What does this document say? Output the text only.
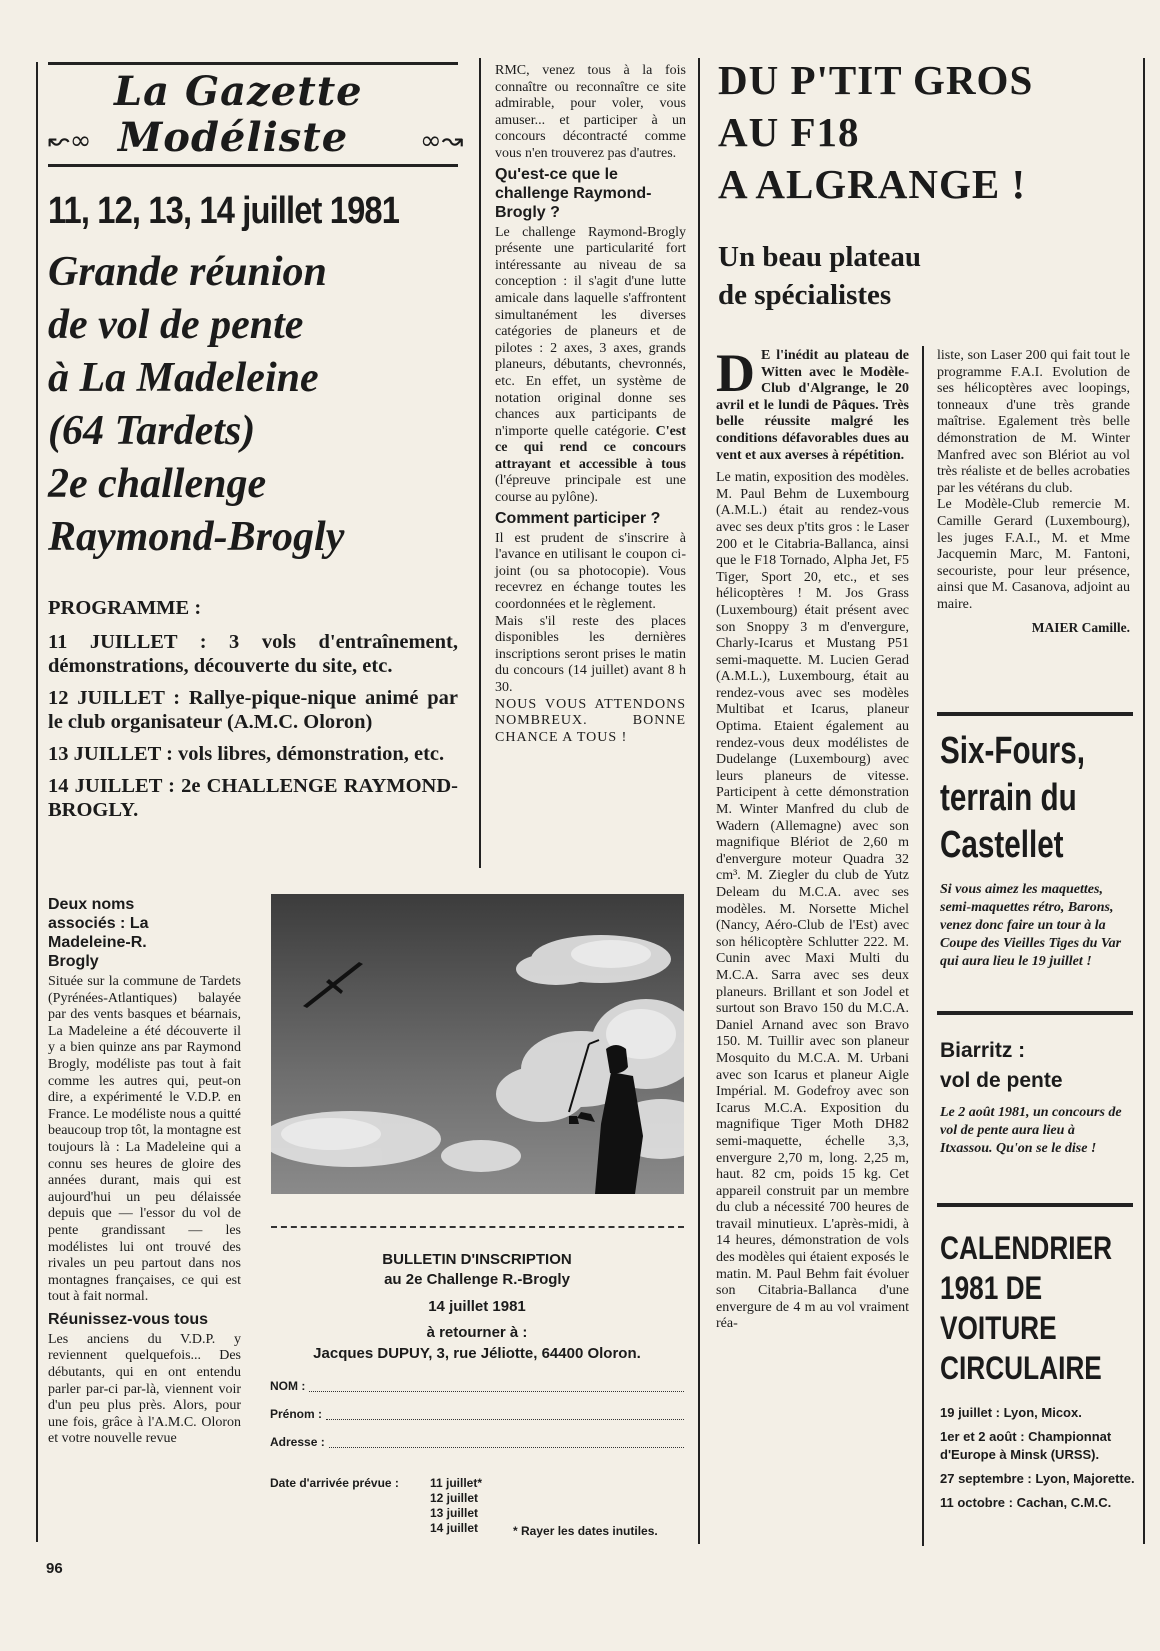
La Gazette
↜∞ Modéliste	∞↝
11, 12, 13, 14 juillet 1981
Grande réunion
de vol de pente
à La Madeleine
(64 Tardets)
2e challenge
Raymond-Brogly
PROGRAMME :

11 JUILLET : 3 vols d'entraînement, démonstrations, découverte du site, etc.

12 JUILLET : Rallye-pique-nique animé par le club organisateur (A.M.C. Oloron)

13 JUILLET : vols libres, démonstration, etc.

14 JUILLET : 2e CHALLENGE RAYMOND-BROGLY.

Deux noms associés : La Madeleine-R. Brogly

Située sur la commune de Tardets (Pyrénées-Atlantiques) balayée par des vents basques et béarnais, La Madeleine a été découverte il y a bien quinze ans par Raymond Brogly, modéliste pas tout à fait comme les autres qui, peut-on dire, a expérimenté le V.D.P. en France. Le modéliste nous a quitté beaucoup trop tôt, la montagne est toujours là : La Madeleine qui a connu ses heures de gloire des années durant, mais qui est aujourd'hui un peu délaissée depuis que — l'essor du vol de pente grandissant — les modélistes lui ont trouvé des rivales un peu partout dans nos montagnes françaises, ce qui est tout à fait normal.

Réunissez-vous tous

Les anciens du V.D.P. y reviennent quelquefois... Des débutants, qui en ont entendu parler par-ci par-là, viennent voir d'un peu plus près. Alors, pour une fois, grâce à l'A.M.C. Oloron et votre nouvelle revue

96

RMC, venez tous à la fois connaître ou reconnaître ce site admirable, pour voler, vous amuser... et participer à un concours décontracté comme vous n'en trouverez pas d'autres.

Qu'est-ce que le challenge Raymond-Brogly ?

Le challenge Raymond-Brogly présente une particularité fort intéressante au niveau de sa conception : il s'agit d'une lutte amicale dans laquelle s'affrontent simultanément les diverses catégories de planeurs et de pilotes : 2 axes, 3 axes, grands planeurs, débutants, chevronnés, etc. En effet, un système de notation original donne ses chances aux participants de n'importe quelle catégorie. C'est ce qui rend ce concours attrayant et accessible à tous (l'épreuve principale est une course au pylône).

Comment participer ?

Il est prudent de s'inscrire à l'avance en utilisant le coupon ci-joint (ou sa photocopie). Vous recevrez en échange toutes les coordonnées et le règlement.

Mais s'il reste des places disponibles les dernières inscriptions seront prises le matin du concours (14 juillet) avant 8 h 30.

NOUS VOUS ATTENDONS NOMBREUX. BONNE CHANCE A TOUS !

BULLETIN D'INSCRIPTION
au 2e Challenge R.-Brogly
14 juillet 1981
à retourner à :
Jacques DUPUY, 3, rue Jéliotte, 64400 Oloron.
NOM :
Prénom :
Adresse :
Date d'arrivée prévue :	11 juillet*
12 juillet
13 juillet
14 juillet	* Rayer les dates inutiles.
DU P'TIT GROS
AU F18
A ALGRANGE !
Un beau plateau
de spécialistes

D E l'inédit au plateau de Witten avec le Modèle-Club d'Algrange, le 20 avril et le lundi de Pâques. Très belle réussite malgré les conditions défavorables dues au vent et aux averses à répétition.

Le matin, exposition des modèles. M. Paul Behm de Luxembourg (A.M.L.) était au rendez-vous avec ses deux p'tits gros : le Laser 200 et le Citabria-Ballanca, ainsi que le F18 Tornado, Alpha Jet, F5 Tiger, Sport 20, etc., et ses hélicoptères ! M. Jos Grass (Luxembourg) était présent avec son Snoppy 3 m d'envergure, Charly-Icarus et Mustang P51 semi-maquette. M. Lucien Gerad (A.M.L.), Luxembourg, était au rendez-vous avec ses modèles Multibat et Icarus, planeur Optima. Etaient également au rendez-vous deux modélistes de Dudelange (Luxembourg) avec leurs planeurs de vitesse. Participent à cette démonstration M. Winter Manfred du club de Wadern (Allemagne) avec son magnifique Blériot de 2,60 m d'envergure moteur Quadra 32 cm³. M. Ziegler du club de Yutz Deleam du M.C.A. avec ses modèles. M. Norsette Michel (Nancy, Aéro-Club de l'Est) avec son hélicoptère Schlutter 222. M. Cunin avec Maxi Multi du M.C.A. Sarra avec ses deux planeurs. Brillant et son Jodel et surtout son Bravo 150 du M.C.A. Daniel Arnand avec son Bravo 150. M. Tuillir avec son planeur Mosquito du M.C.A. M. Urbani avec son Icarus et planeur Aigle Impérial. M. Godefroy avec son Icarus M.C.A. Exposition du magnifique Tiger Moth DH82 semi-maquette, échelle 3,3, envergure 2,70 m, long. 2,25 m, haut. 82 cm, poids 15 kg. Cet appareil construit par un membre du club a nécessité 700 heures de travail minutieux. L'après-midi, à 14 heures, démonstration de vols des modèles qui étaient exposés le matin. M. Paul Behm fait évoluer son Citabria-Ballanca d'une envergure de 4 m au vol vraiment réa-

liste, son Laser 200 qui fait tout le programme F.A.I. Evolution de ses hélicoptères avec loopings, tonneaux d'une très grande maîtrise. Egalement très belle démonstration de M. Winter Manfred avec son Blériot au vol très réaliste et de belles acrobaties par les vétérans du club.

Le Modèle-Club remercie M. Camille Gerard (Luxembourg), les juges F.A.I., M. et Mme Jacquemin Marc, M. Fantoni, secouriste, pour leur présence, ainsi que M. Casanova, adjoint au maire.

MAIER Camille.
Six-Fours,
terrain du
Castellet

Si vous aimez les maquettes, semi-maquettes rétro, Barons, venez donc faire un tour à la Coupe des Vieilles Tiges du Var qui aura lieu le 19 juillet !

Biarritz :
vol de pente

Le 2 août 1981, un concours de vol de pente aura lieu à Itxassou. Qu'on se le dise !

CALENDRIER
1981 DE
VOITURE
CIRCULAIRE

19 juillet : Lyon, Micox.

1er et 2 août : Championnat d'Europe à Minsk (URSS).

27 septembre : Lyon, Majorette.

11 octobre : Cachan, C.M.C.
